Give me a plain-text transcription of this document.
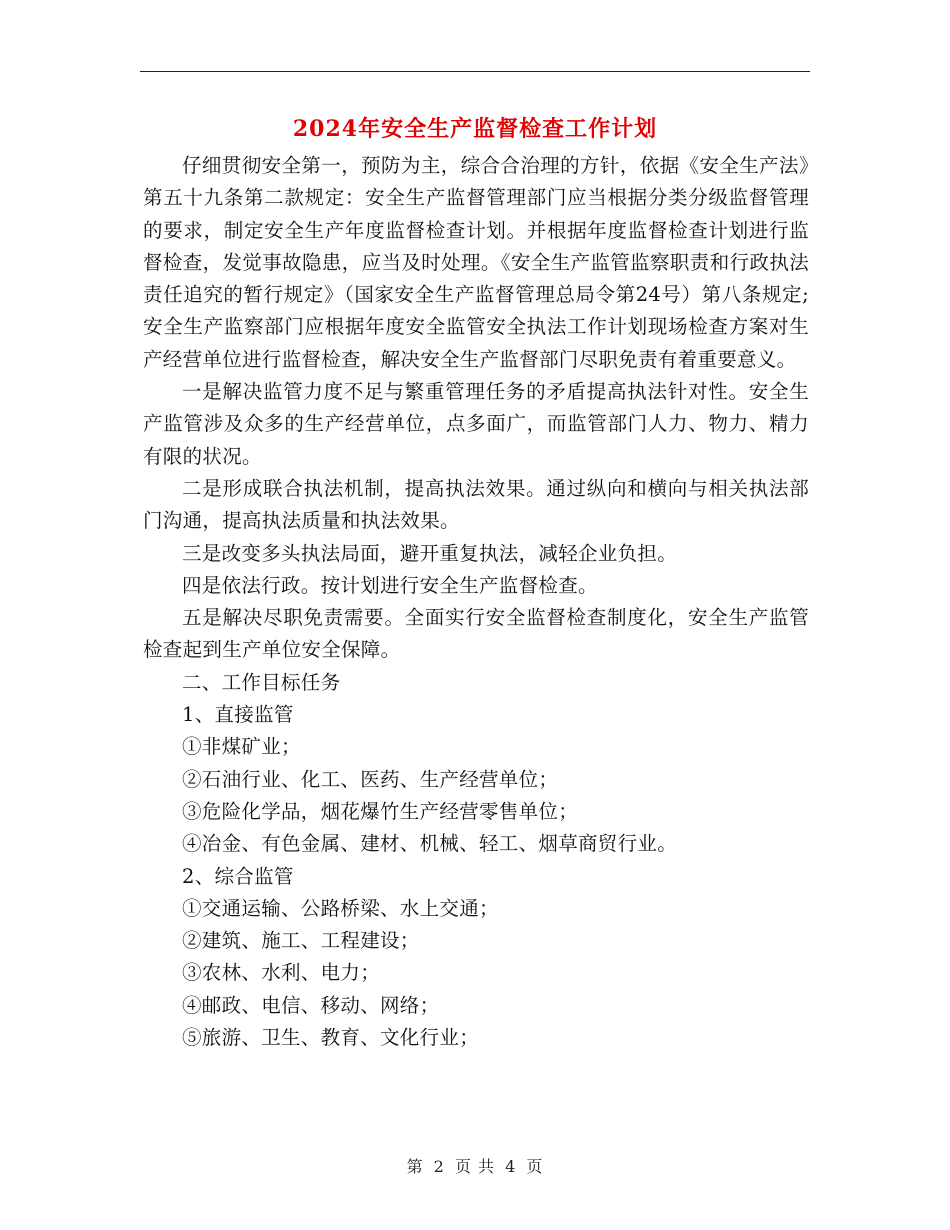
2024年安全生产监督检查工作计划

仔细贯彻安全第一，预防为主，综合合治理的方针，依据《安全生产法》第五十九条第二款规定：安全生产监督管理部门应当根据分类分级监督管理的要求，制定安全生产年度监督检查计划。并根据年度监督检查计划进行监督检查，发觉事故隐患，应当及时处理。《安全生产监管监察职责和行政执法责任追究的暂行规定》（国家安全生产监督管理总局令第24号）第八条规定;安全生产监察部门应根据年度安全监管安全执法工作计划现场检查方案对生产经营单位进行监督检查，解决安全生产监督部门尽职免责有着重要意义。

一是解决监管力度不足与繁重管理任务的矛盾提高执法针对性。安全生产监管涉及众多的生产经营单位，点多面广，而监管部门人力、物力、精力有限的状况。

二是形成联合执法机制，提高执法效果。通过纵向和横向与相关执法部门沟通，提高执法质量和执法效果。

三是改变多头执法局面，避开重复执法，减轻企业负担。

四是依法行政。按计划进行安全生产监督检查。

五是解决尽职免责需要。全面实行安全监督检查制度化，安全生产监管检查起到生产单位安全保障。

二、工作目标任务

1、直接监管

①非煤矿业；

②石油行业、化工、医药、生产经营单位；

③危险化学品，烟花爆竹生产经营零售单位；

④冶金、有色金属、建材、机械、轻工、烟草商贸行业。

2、综合监管

①交通运输、公路桥梁、水上交通；

②建筑、施工、工程建设；

③农林、水利、电力；

④邮政、电信、移动、网络；

⑤旅游、卫生、教育、文化行业；

第 2 页 共 4 页
